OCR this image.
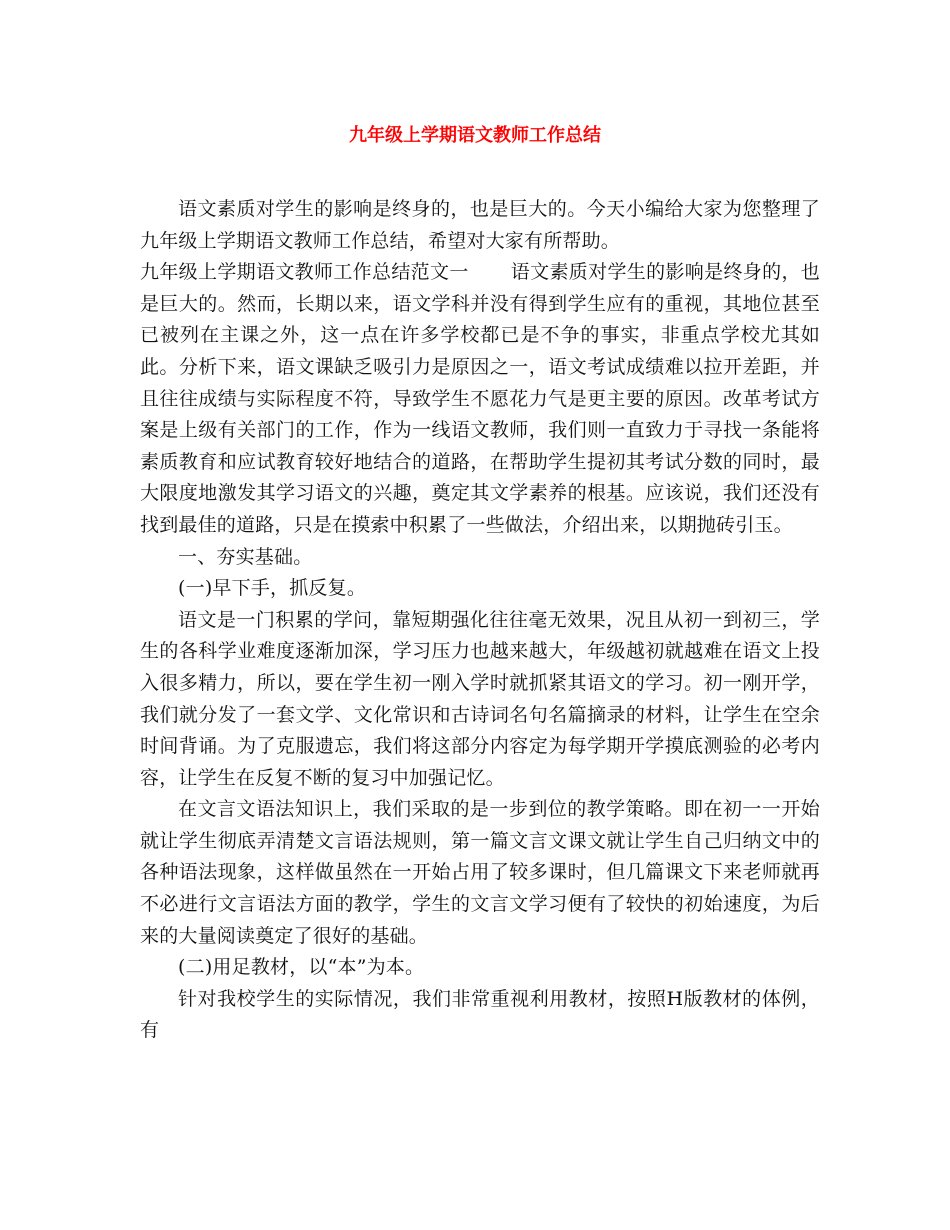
九年级上学期语文教师工作总结

语文素质对学生的影响是终身的，也是巨大的。今天小编给大家为您整理了九年级上学期语文教师工作总结，希望对大家有所帮助。

九年级上学期语文教师工作总结范文一 语文素质对学生的影响是终身的，也是巨大的。然而，长期以来，语文学科并没有得到学生应有的重视，其地位甚至已被列在主课之外，这一点在许多学校都已是不争的事实，非重点学校尤其如此。分析下来，语文课缺乏吸引力是原因之一，语文考试成绩难以拉开差距，并且往往成绩与实际程度不符，导致学生不愿花力气是更主要的原因。改革考试方案是上级有关部门的工作，作为一线语文教师，我们则一直致力于寻找一条能将素质教育和应试教育较好地结合的道路，在帮助学生提初其考试分数的同时，最大限度地激发其学习语文的兴趣，奠定其文学素养的根基。应该说，我们还没有找到最佳的道路，只是在摸索中积累了一些做法，介绍出来，以期抛砖引玉。

一、夯实基础。

(一)早下手，抓反复。

语文是一门积累的学问，靠短期强化往往毫无效果，况且从初一到初三，学生的各科学业难度逐渐加深，学习压力也越来越大，年级越初就越难在语文上投入很多精力，所以，要在学生初一刚入学时就抓紧其语文的学习。初一刚开学，我们就分发了一套文学、文化常识和古诗词名句名篇摘录的材料，让学生在空余时间背诵。为了克服遗忘，我们将这部分内容定为每学期开学摸底测验的必考内容，让学生在反复不断的复习中加强记忆。

在文言文语法知识上，我们采取的是一步到位的教学策略。即在初一一开始就让学生彻底弄清楚文言语法规则，第一篇文言文课文就让学生自己归纳文中的各种语法现象，这样做虽然在一开始占用了较多课时，但几篇课文下来老师就再不必进行文言语法方面的教学，学生的文言文学习便有了较快的初始速度，为后来的大量阅读奠定了很好的基础。

(二)用足教材，以“本”为本。

针对我校学生的实际情况，我们非常重视利用教材，按照H版教材的体例，有
